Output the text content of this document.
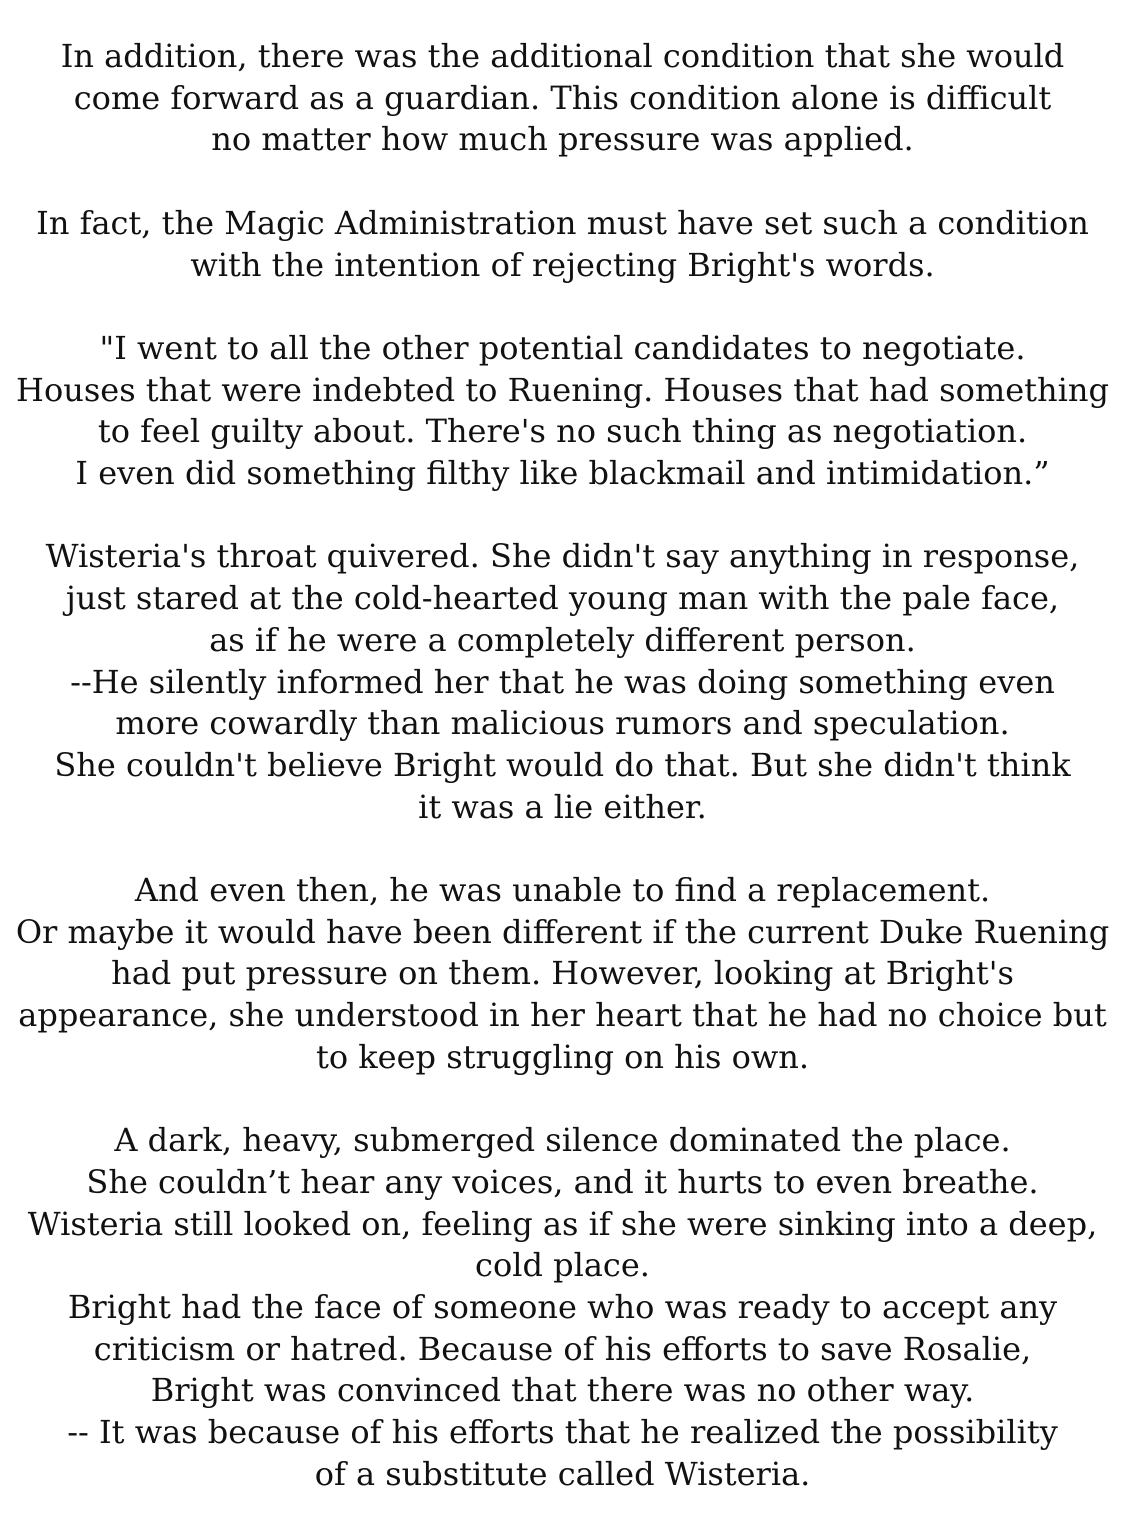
In addition, there was the additional condition that she would
come forward as a guardian. This condition alone is difficult
no matter how much pressure was applied.

In fact, the Magic Administration must have set such a condition
with the intention of rejecting Bright's words.

"I went to all the other potential candidates to negotiate.
Houses that were indebted to Ruening. Houses that had something
to feel guilty about. There's no such thing as negotiation.
I even did something filthy like blackmail and intimidation.”

Wisteria's throat quivered. She didn't say anything in response,
just stared at the cold-hearted young man with the pale face,
as if he were a completely different person.
--He silently informed her that he was doing something even
more cowardly than malicious rumors and speculation.
She couldn't believe Bright would do that. But she didn't think
it was a lie either.

And even then, he was unable to find a replacement.
Or maybe it would have been different if the current Duke Ruening
had put pressure on them. However, looking at Bright's
appearance, she understood in her heart that he had no choice but
to keep struggling on his own.

A dark, heavy, submerged silence dominated the place.
She couldn’t hear any voices, and it hurts to even breathe.
Wisteria still looked on, feeling as if she were sinking into a deep,
cold place.
Bright had the face of someone who was ready to accept any
criticism or hatred. Because of his efforts to save Rosalie,
Bright was convinced that there was no other way.
-- It was because of his efforts that he realized the possibility
of a substitute called Wisteria.
